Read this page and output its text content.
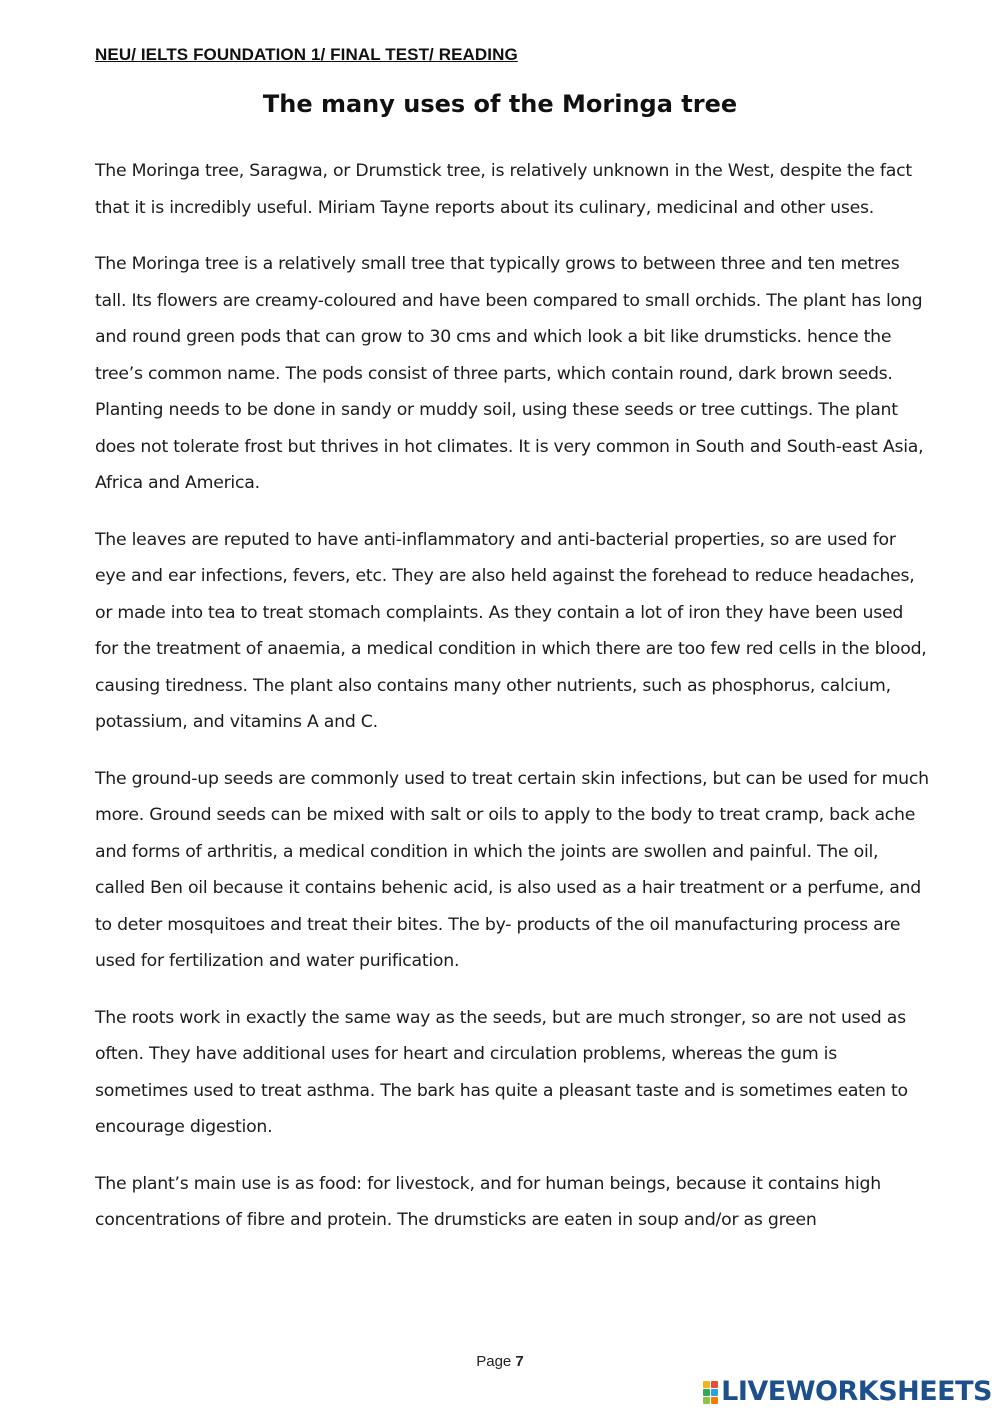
NEU/ IELTS FOUNDATION 1/ FINAL TEST/ READING
The many uses of the Moringa tree

The Moringa tree, Saragwa, or Drumstick tree, is relatively unknown in the West, despite the fact that it is incredibly useful. Miriam Tayne reports about its culinary, medicinal and other uses.

The Moringa tree is a relatively small tree that typically grows to between three and ten metres tall. Its flowers are creamy-coloured and have been compared to small orchids. The plant has long and round green pods that can grow to 30 cms and which look a bit like drumsticks. hence the tree’s common name. The pods consist of three parts, which contain round, dark brown seeds. Planting needs to be done in sandy or muddy soil, using these seeds or tree cuttings. The plant does not tolerate frost but thrives in hot climates. It is very common in South and South-east Asia, Africa and America.

The leaves are reputed to have anti-inflammatory and anti-bacterial properties, so are used for eye and ear infections, fevers, etc. They are also held against the forehead to reduce headaches, or made into tea to treat stomach complaints. As they contain a lot of iron they have been used for the treatment of anaemia, a medical condition in which there are too few red cells in the blood, causing tiredness. The plant also contains many other nutrients, such as phosphorus, calcium, potassium, and vitamins A and C.

The ground-up seeds are commonly used to treat certain skin infections, but can be used for much more. Ground seeds can be mixed with salt or oils to apply to the body to treat cramp, back ache and forms of arthritis, a medical condition in which the joints are swollen and painful. The oil, called Ben oil because it contains behenic acid, is also used as a hair treatment or a perfume, and to deter mosquitoes and treat their bites. The by- products of the oil manufacturing process are used for fertilization and water purification.

The roots work in exactly the same way as the seeds, but are much stronger, so are not used as often. They have additional uses for heart and circulation problems, whereas the gum is sometimes used to treat asthma. The bark has quite a pleasant taste and is sometimes eaten to encourage digestion.

The plant’s main use is as food: for livestock, and for human beings, because it contains high concentrations of fibre and protein. The drumsticks are eaten in soup and/or as green

Page 7
LIVEWORKSHEETS
